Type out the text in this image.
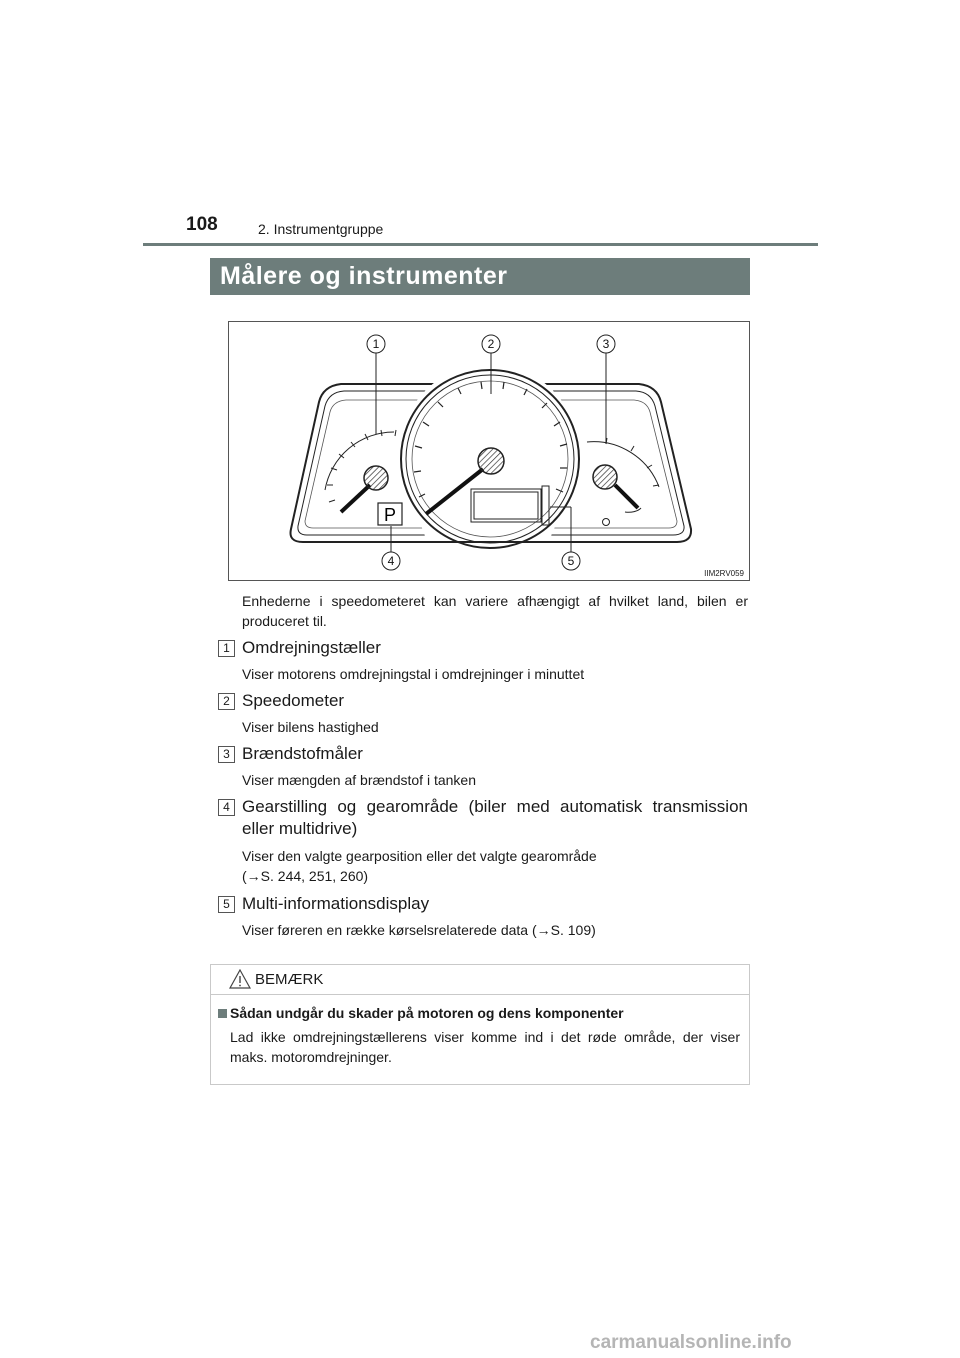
108	2. Instrumentgruppe
Målere og instrumenter
P
1	2	3
4	5
IIM2RV059
Enhederne i speedometeret kan variere afhængigt af hvilket land, bilen er produceret til.
1 Omdrejningstæller
Viser motorens omdrejningstal i omdrejninger i minuttet
2 Speedometer
Viser bilens hastighed
3 Brændstofmåler
Viser mængden af brændstof i tanken
4 Gearstilling og gearområde (biler med automatisk transmission eller multidrive)
Viser den valgte gearposition eller det valgte gearområde
(→S. 244, 251, 260)
5 Multi-informationsdisplay
Viser føreren en række kørselsrelaterede data (→S. 109)
BEMÆRK
Sådan undgår du skader på motoren og dens komponenter
Lad ikke omdrejningstællerens viser komme ind i det røde område, der viser maks. motoromdrejninger.
carmanualsonline.info
